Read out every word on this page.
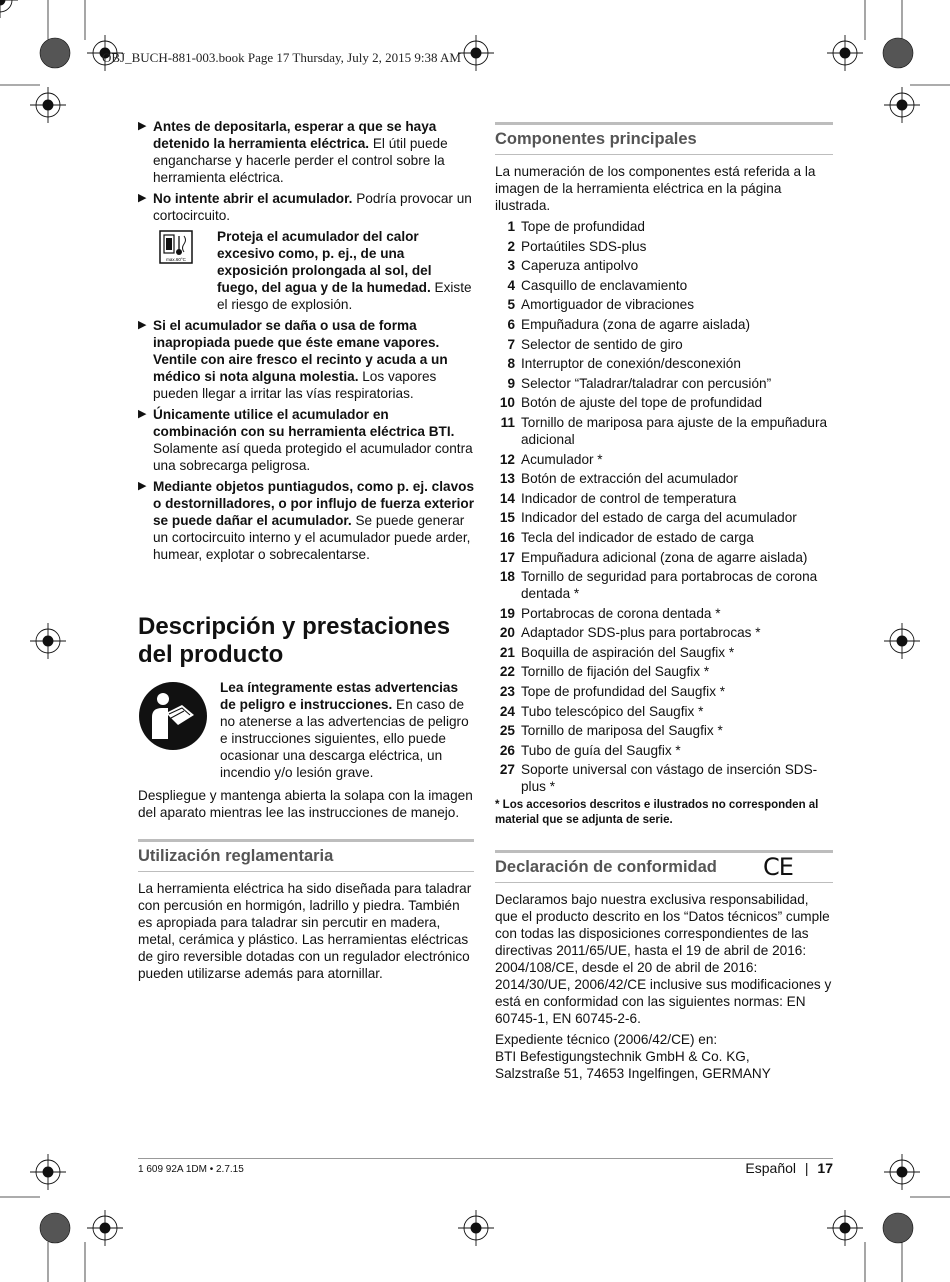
OBJ_BUCH-881-003.book Page 17 Thursday, July 2, 2015 9:38 AM
▶ Antes de depositarla, esperar a que se haya detenido la herramienta eléctrica. El útil puede engancharse y hacerle perder el control sobre la herramienta eléctrica.
▶ No intente abrir el acumulador. Podría provocar un cortocircuito.
max.60°C
Proteja el acumulador del calor excesivo como, p. ej., de una exposición prolongada al sol, del fuego, del agua y de la humedad. Existe el riesgo de explosión.
▶ Si el acumulador se daña o usa de forma inapropiada puede que éste emane vapores. Ventile con aire fresco el recinto y acuda a un médico si nota alguna molestia. Los vapores pueden llegar a irritar las vías respiratorias.
▶ Únicamente utilice el acumulador en combinación con su herramienta eléctrica BTI. Solamente así queda protegido el acumulador contra una sobrecarga peligrosa.
▶ Mediante objetos puntiagudos, como p. ej. clavos o destornilladores, o por influjo de fuerza exterior se puede dañar el acumulador. Se puede generar un cortocircuito interno y el acumulador puede arder, humear, explotar o sobrecalentarse.
Descripción y prestaciones del producto
Lea íntegramente estas advertencias de peligro e instrucciones. En caso de no atenerse a las advertencias de peligro e instrucciones siguientes, ello puede ocasionar una descarga eléctrica, un incendio y/o lesión grave.

Despliegue y mantenga abierta la solapa con la imagen del aparato mientras lee las instrucciones de manejo.

Utilización reglamentaria

La herramienta eléctrica ha sido diseñada para taladrar con percusión en hormigón, ladrillo y piedra. También es apropiada para taladrar sin percutir en madera, metal, cerámica y plástico. Las herramientas eléctricas de giro reversible dotadas con un regulador electrónico pueden utilizarse además para atornillar.

Componentes principales

La numeración de los componentes está referida a la imagen de la herramienta eléctrica en la página ilustrada.

1 Tope de profundidad
2 Portaútiles SDS-plus
3 Caperuza antipolvo
4 Casquillo de enclavamiento
5 Amortiguador de vibraciones
6 Empuñadura (zona de agarre aislada)
7 Selector de sentido de giro
8 Interruptor de conexión/desconexión
9 Selector “Taladrar/taladrar con percusión”
10 Botón de ajuste del tope de profundidad
11 Tornillo de mariposa para ajuste de la empuñadura adicional
12 Acumulador *
13 Botón de extracción del acumulador
14 Indicador de control de temperatura
15 Indicador del estado de carga del acumulador
16 Tecla del indicador de estado de carga
17 Empuñadura adicional (zona de agarre aislada)
18 Tornillo de seguridad para portabrocas de corona dentada *
19 Portabrocas de corona dentada *
20 Adaptador SDS-plus para portabrocas *
21 Boquilla de aspiración del Saugfix *
22 Tornillo de fijación del Saugfix *
23 Tope de profundidad del Saugfix *
24 Tubo telescópico del Saugfix *
25 Tornillo de mariposa del Saugfix *
26 Tubo de guía del Saugfix *
27 Soporte universal con vástago de inserción SDS-plus *
* Los accesorios descritos e ilustrados no corresponden al material que se adjunta de serie.
Declaración de conformidad CE

Declaramos bajo nuestra exclusiva responsabilidad, que el producto descrito en los “Datos técnicos” cumple con todas las disposiciones correspondientes de las directivas 2011/65/UE, hasta el 19 de abril de 2016: 2004/108/CE, desde el 20 de abril de 2016: 2014/30/UE, 2006/42/CE inclusive sus modificaciones y está en conformidad con las siguientes normas: EN 60745-1, EN 60745-2-6.

Expediente técnico (2006/42/CE) en:
BTI Befestigungstechnik GmbH & Co. KG,
Salzstraße 51, 74653 Ingelfingen, GERMANY
1 609 92A 1DM • 2.7.15	Español | 17
